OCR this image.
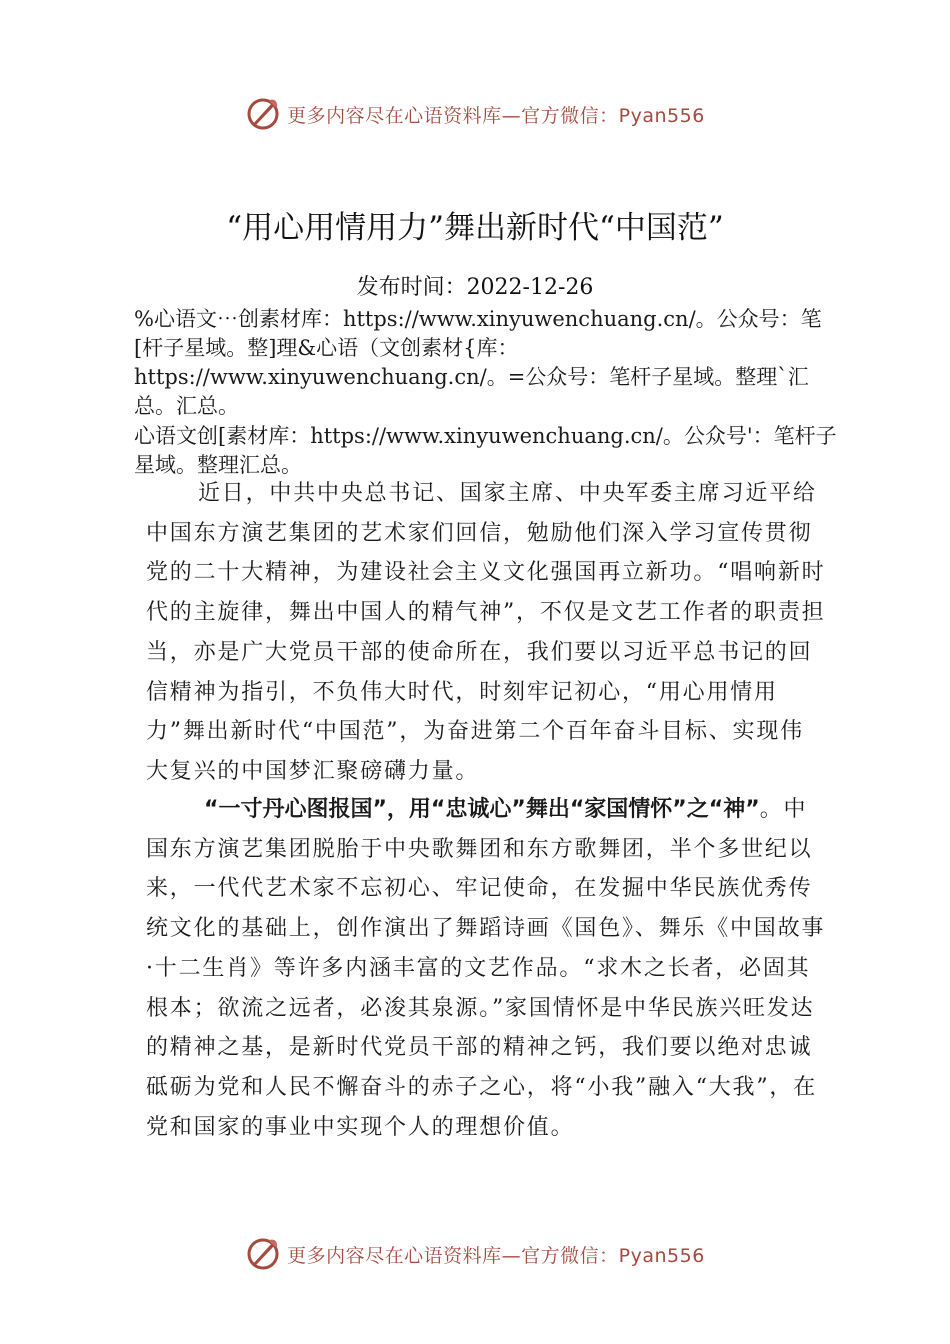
更多内容尽在心语资料库—官方微信：Pyan556
“用心用情用力”舞出新时代“中国范”

发布时间：2022-12-26

%心语文⋯创素材库：https://www.xinyuwenchuang.cn/。公众号：笔[杆子星域。整]理&心语（文创素材{库：https://www.xinyuwenchuang.cn/。=公众号：笔杆子星域。整理`汇总。汇总。

心语文创[素材库：https://www.xinyuwenchuang.cn/。公众号'：笔杆子星域。整理汇总。

近日，中共中央总书记、国家主席、中央军委主席习近平给中国东方演艺集团的艺术家们回信，勉励他们深入学习宣传贯彻党的二十大精神，为建设社会主义文化强国再立新功。“唱响新时代的主旋律，舞出中国人的精气神”，不仅是文艺工作者的职责担当，亦是广大党员干部的使命所在，我们要以习近平总书记的回信精神为指引，不负伟大时代，时刻牢记初心，“用心用情用力”舞出新时代“中国范”，为奋进第二个百年奋斗目标、实现伟大复兴的中国梦汇聚磅礴力量。

“一寸丹心图报国”，用“忠诚心”舞出“家国情怀”之“神”。中国东方演艺集团脱胎于中央歌舞团和东方歌舞团，半个多世纪以来，一代代艺术家不忘初心、牢记使命，在发掘中华民族优秀传统文化的基础上，创作演出了舞蹈诗画《国色》、舞乐《中国故事·十二生肖》等许多内涵丰富的文艺作品。“求木之长者，必固其根本；欲流之远者，必浚其泉源。”家国情怀是中华民族兴旺发达的精神之基，是新时代党员干部的精神之钙，我们要以绝对忠诚砥砺为党和人民不懈奋斗的赤子之心，将“小我”融入“大我”，在党和国家的事业中实现个人的理想价值。

更多内容尽在心语资料库—官方微信：Pyan556
